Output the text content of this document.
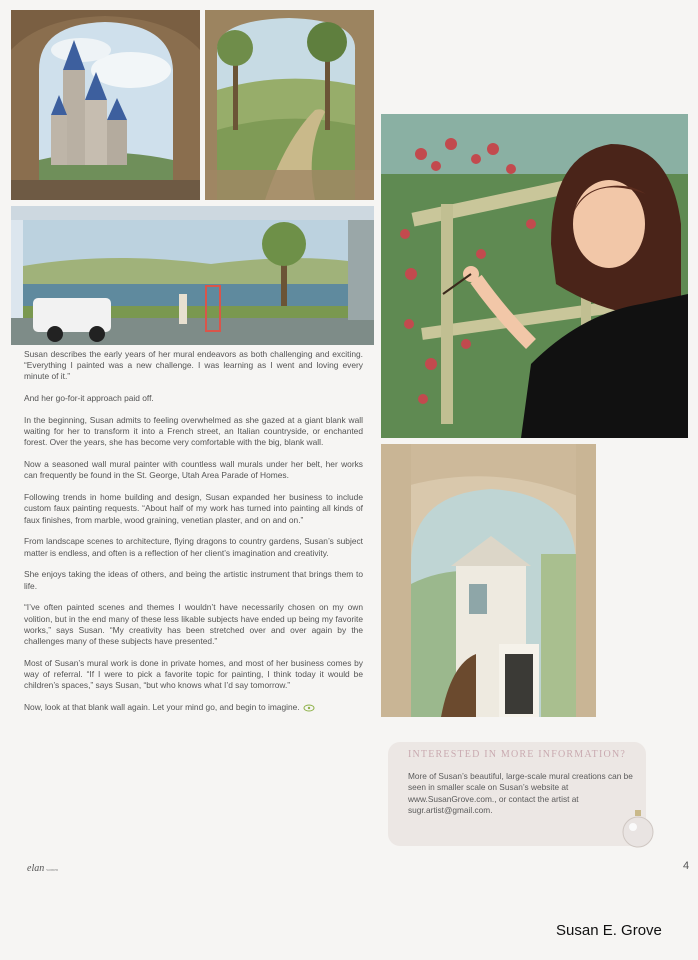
Susan describes the early years of her mural endeavors as both challenging and exciting. “Everything I painted was a new challenge. I was learning as I went and loving every minute of it.”

And her go-for-it approach paid off.

In the beginning, Susan admits to feeling overwhelmed as she gazed at a giant blank wall waiting for her to transform it into a French street, an Italian countryside, or enchanted forest. Over the years, she has become very comfortable with the big, blank wall.

Now a seasoned wall mural painter with countless wall murals under her belt, her works can frequently be found in the St. George, Utah Area Parade of Homes.

Following trends in home building and design, Susan expanded her business to include custom faux painting requests. “About half of my work has turned into painting all kinds of faux finishes, from marble, wood graining, venetian plaster, and on and on.”

From landscape scenes to architecture, flying dragons to country gardens, Susan’s subject matter is endless, and often is a reflection of her client’s imagination and creativity.

She enjoys taking the ideas of others, and being the artistic instrument that brings them to life.

“I’ve often painted scenes and themes I wouldn’t have necessarily chosen on my own volition, but in the end many of these less likable subjects have ended up being my favorite works,” says Susan. “My creativity has been stretched over and over again by the challenges many of these subjects have presented.”

Most of Susan’s mural work is done in private homes, and most of her business comes by way of referral. “If I were to pick a favorite topic for painting, I think today it would be children’s spaces,” says Susan, “but who knows what I’d say tomorrow.”

Now, look at that blank wall again. Let your mind go, and begin to imagine.

INTERESTED IN MORE INFORMATION?
More of Susan’s beautiful, large-scale mural creations can be seen in smaller scale on Susan’s website at www.SusanGrove.com., or contact the artist at sugr.artist@gmail.com.
elan women	4
Susan E. Grove
